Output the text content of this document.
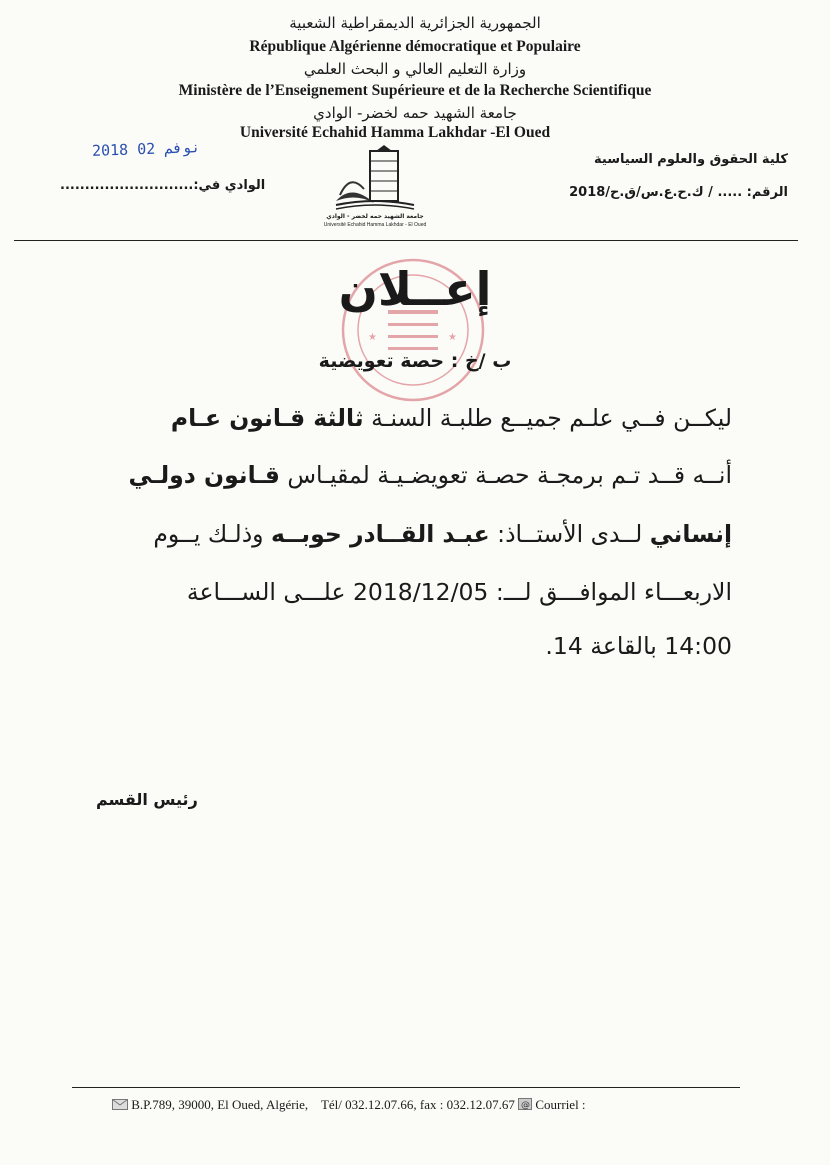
الجمهورية الجزائرية الديمقراطية الشعبية
République Algérienne démocratique et Populaire
وزارة التعليم العالي و البحث العلمي
Ministère de l’Enseignement Supérieure et de la Recherche Scientifique
جامعة الشهيد حمه لخضر- الوادي
Université Echahid Hamma Lakhdar -El Oued
2018 نوفم 02
كلية الحقوق والعلوم السياسية
الرقم: ..... / ك.ح.ع.س/ق.ح/2018
الوادي في:...........................
جامعة الشهيد حمه لخضر - الوادي
Université Echahid Hamma Lakhdar - El Oued
★	★
إعــلان
ب /خ : حصة تعويضية
ليكــن فــي علـم جميــع طلبـة السنـة ثالثة قـانون عـام
أنــه قــد تـم برمجـة حصـة تعويضـيـة لمقيـاس قـانون دولـي
إنساني لــدى الأستــاذ: عبـد القــادر حوبــه وذلـك يــوم
الاربعـــاء الموافـــق لـــ: 2018/12/05 علـــى الســـاعة
14:00 بالقاعة 14.
رئيس القسم
B.P.789, 39000, El Oued, Algérie, Tél/ 032.12.07.66, fax : 032.12.07.67 @ Courriel :
